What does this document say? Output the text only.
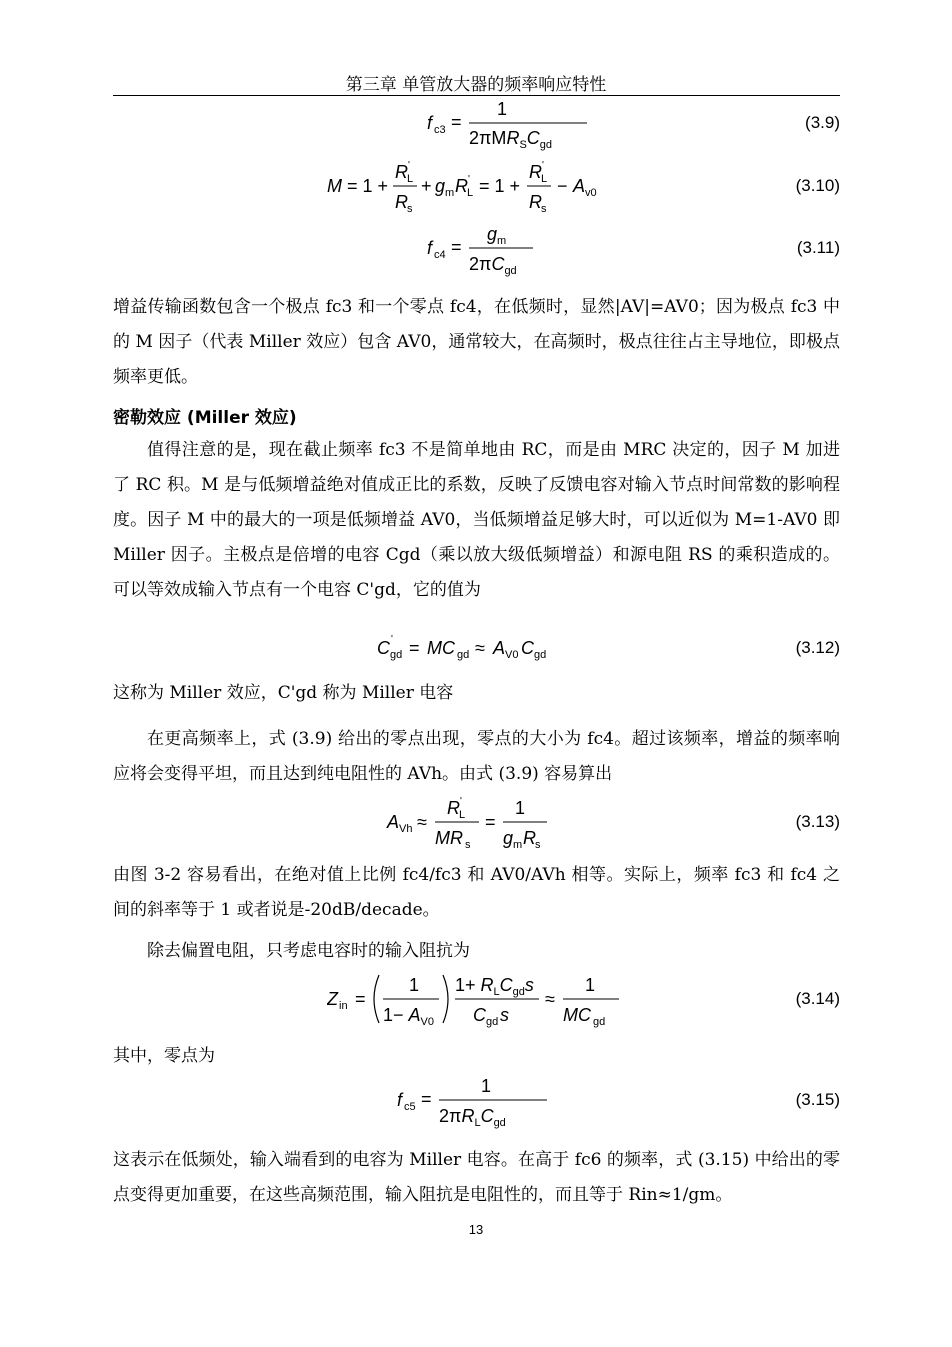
第三章 单管放大器的频率响应特性
f c3 =
1
$2\pi MR_SC_{gd}$
(3.9)
M = 1 +
R L
'
R s
+ g m R L
' = 1 +
R L
'
R s
− A v0	(3.10)
f c4 =
g m
$2\pi C_{gd}$
(3.11)
增益传输函数包含一个极点 fc3 和一个零点 fc4，在低频时，显然|AV|=AV0；因为极点 fc3 中的 M 因子（代表 Miller 效应）包含 AV0，通常较大，在高频时，极点往往占主导地位，即极点频率更低。
密勒效应 (Miller 效应)
值得注意的是，现在截止频率 fc3 不是简单地由 RC，而是由 MRC 决定的，因子 M 加进了 RC 积。M 是与低频增益绝对值成正比的系数，反映了反馈电容对输入节点时间常数的影响程度。因子 M 中的最大的一项是低频增益 AV0，当低频增益足够大时，可以近似为 M=1-AV0 即 Miller 因子。主极点是倍增的电容 Cgd（乘以放大级低频增益）和源电阻 RS 的乘积造成的。可以等效成输入节点有一个电容 C'gd，它的值为
C gd
' = MC gd ≈ A V0 C gd	(3.12)
这称为 Miller 效应，C'gd 称为 Miller 电容
在更高频率上，式 (3.9) 给出的零点出现，零点的大小为 fc4。超过该频率，增益的频率响应将会变得平坦，而且达到纯电阻性的 AVh。由式 (3.9) 容易算出
A Vh ≈
R L
'
MR s
=
1
g m R s
(3.13)
由图 3-2 容易看出，在绝对值上比例 fc4/fc3 和 AV0/AVh 相等。实际上，频率 fc3 和 fc4 之间的斜率等于 1 或者说是-20dB/decade。
除去偏置电阻，只考虑电容时的输入阻抗为
Z in =
1
$1- A_{V0}$
$1+ R_LC_{gd}s$
C gd s
≈
1
MC gd
(3.14)
其中，零点为
f c5 =
1
$2\pi R_LC_{gd}$
(3.15)
这表示在低频处，输入端看到的电容为 Miller 电容。在高于 fc6 的频率，式 (3.15) 中给出的零点变得更加重要，在这些高频范围，输入阻抗是电阻性的，而且等于 Rin≈1/gm。
13
